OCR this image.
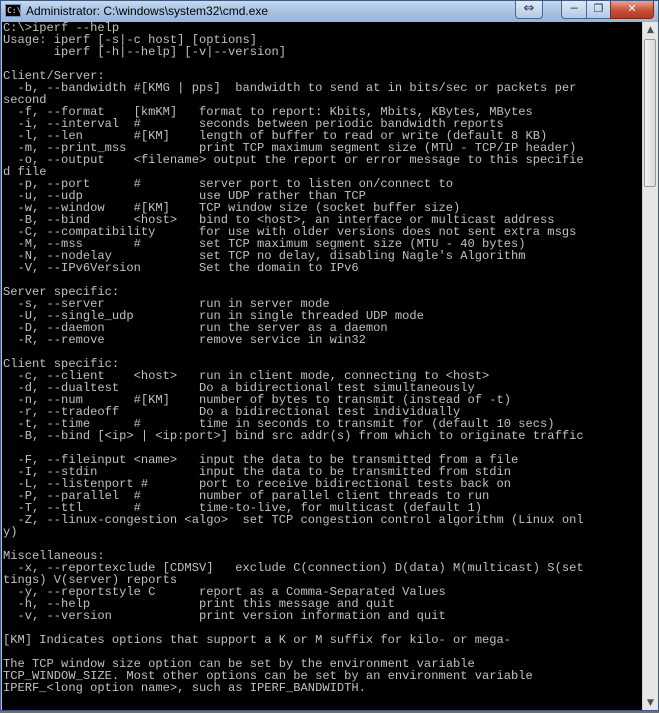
C:\ Administrator: C:\windows\system32\cmd.exe	⇔	─	❐	✕
C:\>iperf --help
Usage: iperf [-s|-c host] [options]
iperf [-h|--help] [-v|--version]
Client/Server:
-b, --bandwidth #[KMG | pps]  bandwidth to send at in bits/sec or packets per
second
-f, --format    [kmKM]   format to report: Kbits, Mbits, KBytes, MBytes
-i, --interval  #        seconds between periodic bandwidth reports
-l, --len       #[KM]    length of buffer to read or write (default 8 KB)
-m, --print_mss          print TCP maximum segment size (MTU - TCP/IP header)
-o, --output    <filename> output the report or error message to this specifie
d file
-p, --port      #        server port to listen on/connect to
-u, --udp                use UDP rather than TCP
-w, --window    #[KM]    TCP window size (socket buffer size)
-B, --bind      <host>   bind to <host>, an interface or multicast address
-C, --compatibility      for use with older versions does not sent extra msgs
-M, --mss       #        set TCP maximum segment size (MTU - 40 bytes)
-N, --nodelay            set TCP no delay, disabling Nagle's Algorithm
-V, --IPv6Version        Set the domain to IPv6
Server specific:
-s, --server             run in server mode
-U, --single_udp         run in single threaded UDP mode
-D, --daemon             run the server as a daemon
-R, --remove             remove service in win32
Client specific:
-c, --client    <host>   run in client mode, connecting to <host>
-d, --dualtest           Do a bidirectional test simultaneously
-n, --num       #[KM]    number of bytes to transmit (instead of -t)
-r, --tradeoff           Do a bidirectional test individually
-t, --time      #        time in seconds to transmit for (default 10 secs)
-B, --bind [<ip> | <ip:port>] bind src addr(s) from which to originate traffic
-F, --fileinput <name>   input the data to be transmitted from a file
-I, --stdin              input the data to be transmitted from stdin
-L, --listenport #       port to receive bidirectional tests back on
-P, --parallel  #        number of parallel client threads to run
-T, --ttl       #        time-to-live, for multicast (default 1)
-Z, --linux-congestion <algo>  set TCP congestion control algorithm (Linux onl
y)
Miscellaneous:
-x, --reportexclude [CDMSV]   exclude C(connection) D(data) M(multicast) S(set
tings) V(server) reports
-y, --reportstyle C      report as a Comma-Separated Values
-h, --help               print this message and quit
-v, --version            print version information and quit
[KM] Indicates options that support a K or M suffix for kilo- or mega-
The TCP window size option can be set by the environment variable
TCP_WINDOW_SIZE. Most other options can be set by an environment variable
IPERF_<long option name>, such as IPERF_BANDWIDTH.
▲
▼
